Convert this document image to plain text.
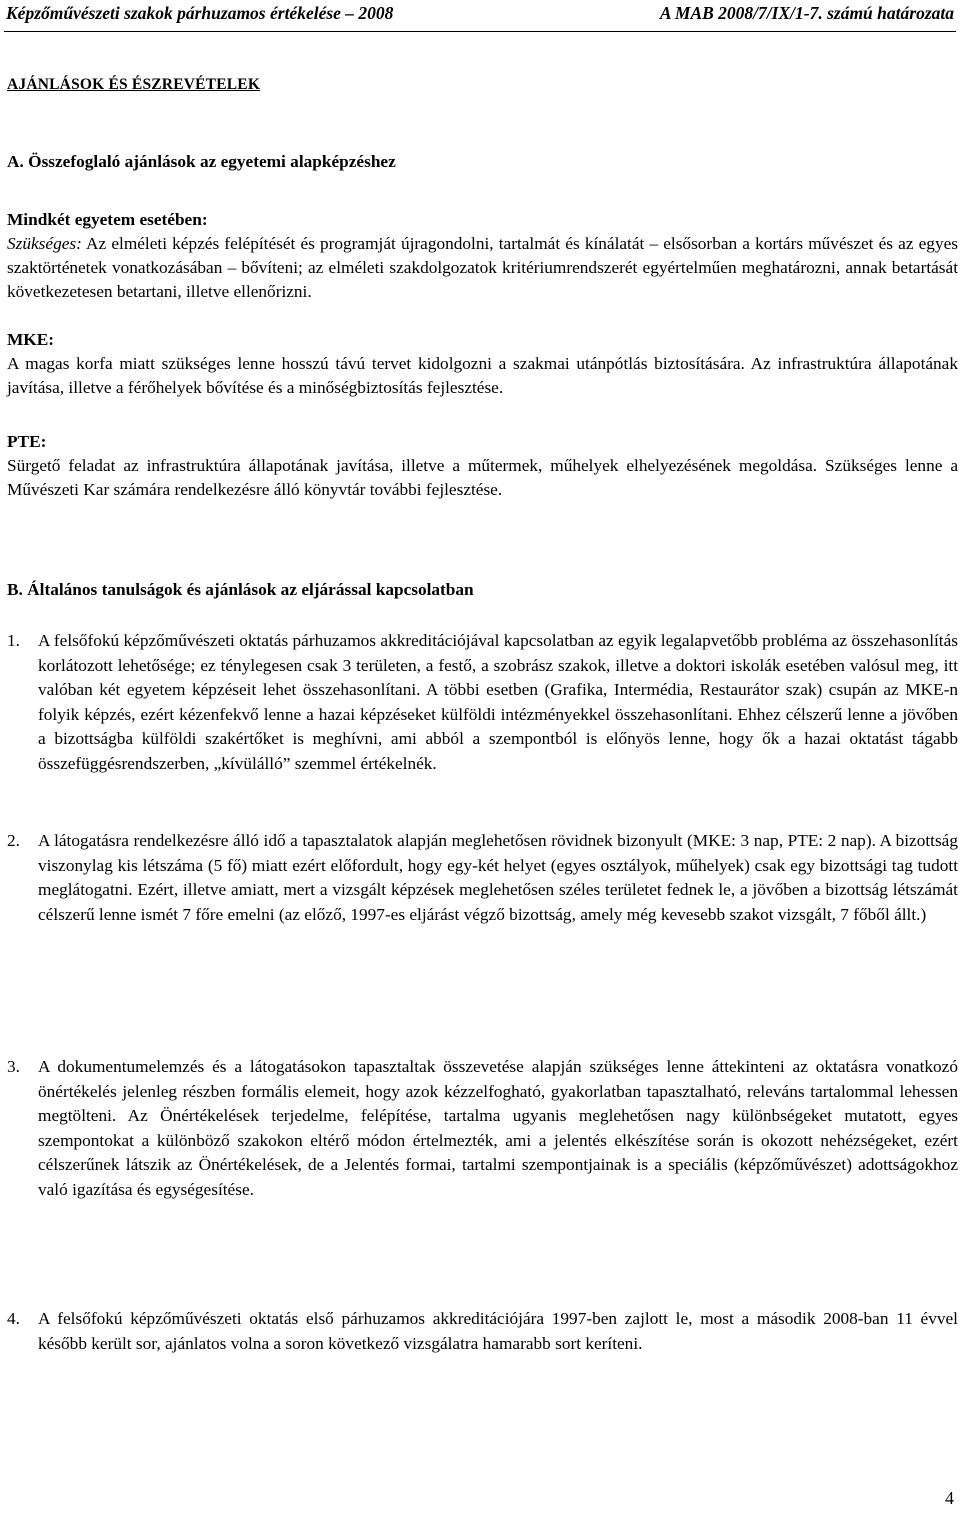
Képzőművészeti szakok párhuzamos értékelése – 2008	A MAB 2008/7/IX/1-7. számú határozata
AJÁNLÁSOK ÉS ÉSZREVÉTELEK
A. Összefoglaló ajánlások az egyetemi alapképzéshez
Mindkét egyetem esetében:
Szükséges: Az elméleti képzés felépítését és programját újragondolni, tartalmát és kínálatát – elsősorban a kortárs művészet és az egyes szaktörténetek vonatkozásában – bővíteni; az elméleti szakdolgozatok kritériumrendszerét egyértelműen meghatározni, annak betartását következetesen betartani, illetve ellenőrizni.
MKE:
A magas korfa miatt szükséges lenne hosszú távú tervet kidolgozni a szakmai utánpótlás biztosítására. Az infrastruktúra állapotának javítása, illetve a férőhelyek bővítése és a minőségbiztosítás fejlesztése.
PTE:
Sürgető feladat az infrastruktúra állapotának javítása, illetve a műtermek, műhelyek elhelyezésének megoldása. Szükséges lenne a Művészeti Kar számára rendelkezésre álló könyvtár további fejlesztése.
B. Általános tanulságok és ajánlások az eljárással kapcsolatban
1. A felsőfokú képzőművészeti oktatás párhuzamos akkreditációjával kapcsolatban az egyik legalapvetőbb probléma az összehasonlítás korlátozott lehetősége; ez ténylegesen csak 3 területen, a festő, a szobrász szakok, illetve a doktori iskolák esetében valósul meg, itt valóban két egyetem képzéseit lehet összehasonlítani. A többi esetben (Grafika, Intermédia, Restaurátor szak) csupán az MKE-n folyik képzés, ezért kézenfekvő lenne a hazai képzéseket külföldi intézményekkel összehasonlítani. Ehhez célszerű lenne a jövőben a bizottságba külföldi szakértőket is meghívni, ami abból a szempontból is előnyös lenne, hogy ők a hazai oktatást tágabb összefüggésrendszerben, „kívülálló” szemmel értékelnék.
2. A látogatásra rendelkezésre álló idő a tapasztalatok alapján meglehetősen rövidnek bizonyult (MKE: 3 nap, PTE: 2 nap). A bizottság viszonylag kis létszáma (5 fő) miatt ezért előfordult, hogy egy-két helyet (egyes osztályok, műhelyek) csak egy bizottsági tag tudott meglátogatni. Ezért, illetve amiatt, mert a vizsgált képzések meglehetősen széles területet fednek le, a jövőben a bizottság létszámát célszerű lenne ismét 7 főre emelni (az előző, 1997-es eljárást végző bizottság, amely még kevesebb szakot vizsgált, 7 főből állt.)
3. A dokumentumelemzés és a látogatásokon tapasztaltak összevetése alapján szükséges lenne áttekinteni az oktatásra vonatkozó önértékelés jelenleg részben formális elemeit, hogy azok kézzelfogható, gyakorlatban tapasztalható, releváns tartalommal lehessen megtölteni. Az Önértékelések terjedelme, felépítése, tartalma ugyanis meglehetősen nagy különbségeket mutatott, egyes szempontokat a különböző szakokon eltérő módon értelmezték, ami a jelentés elkészítése során is okozott nehézségeket, ezért célszerűnek látszik az Önértékelések, de a Jelentés formai, tartalmi szempontjainak is a speciális (képzőművészet) adottságokhoz való igazítása és egységesítése.
4. A felsőfokú képzőművészeti oktatás első párhuzamos akkreditációjára 1997-ben zajlott le, most a második 2008-ban 11 évvel később került sor, ajánlatos volna a soron következő vizsgálatra hamarabb sort keríteni.
4
